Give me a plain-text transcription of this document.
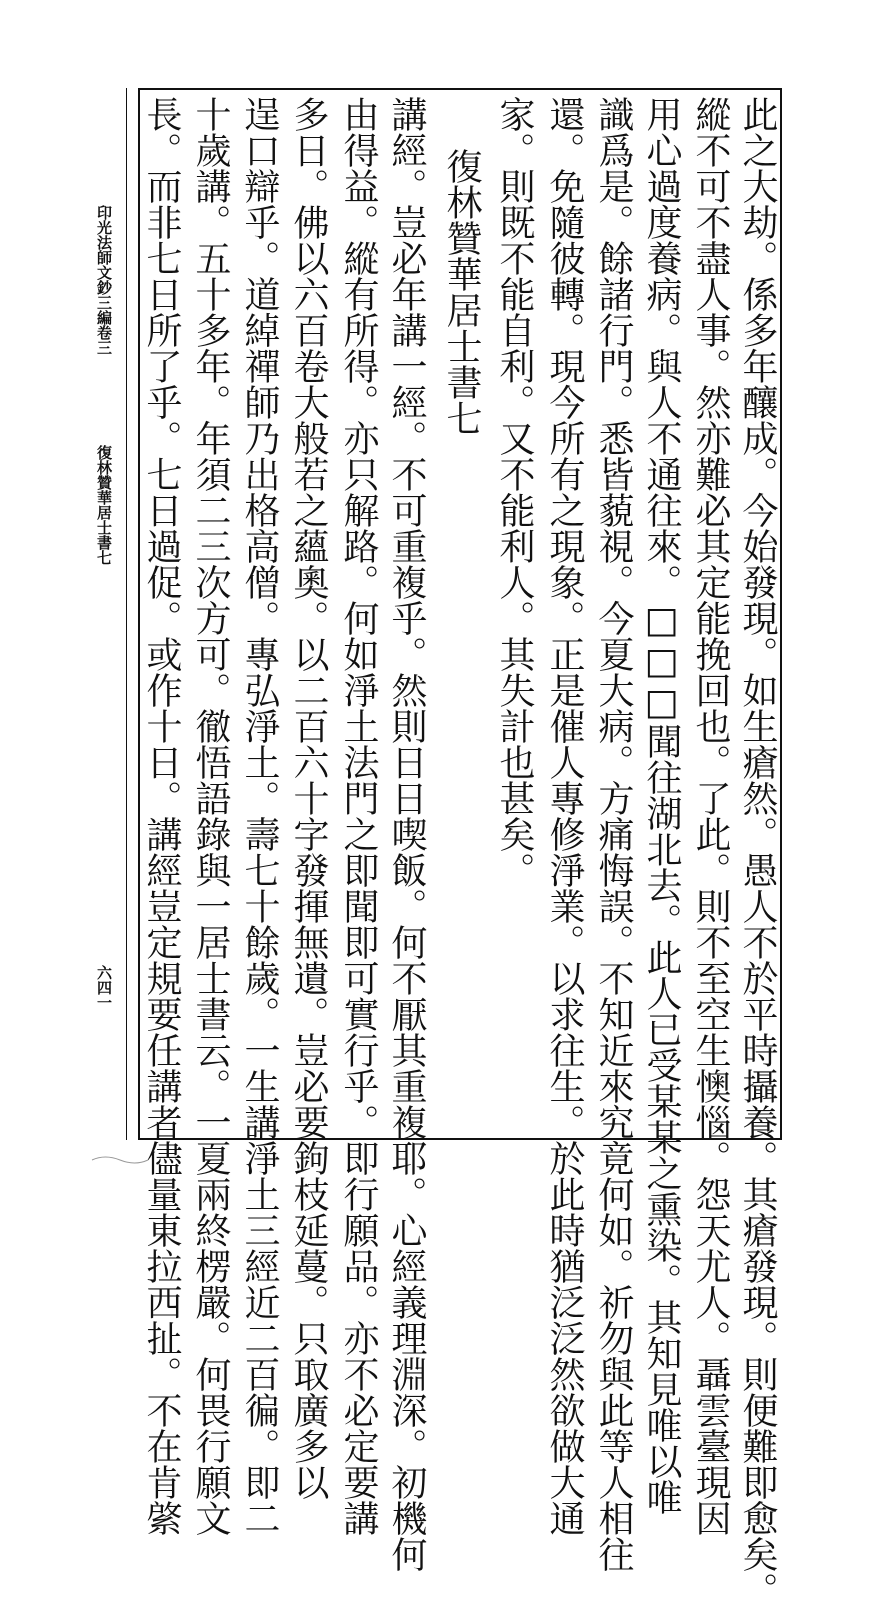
印光法師文鈔三編卷三
復林贊華居士書七
六四一	此之大劫。係多年釀成。今始發現。如生瘡然。愚人不於平時攝養。其瘡發現。則便難即愈矣。
縱不可不盡人事。然亦難必其定能挽回也。了此。則不至空生懊惱。怨天尤人。聶雲臺現因
用心過度養病。與人不通往來。□□□聞往湖北去。此人已受某某之熏染。其知見唯以唯
識爲是。餘諸行門。悉皆藐視。今夏大病。方痛悔誤。不知近來究竟何如。祈勿與此等人相往
還。免隨彼轉。現今所有之現象。正是催人專修淨業。以求往生。於此時猶泛泛然欲做大通
家。則既不能自利。又不能利人。其失計也甚矣。
復林贊華居士書七
講經。豈必年講一經。不可重複乎。然則日日喫飯。何不厭其重複耶。心經義理淵深。初機何
由得益。縱有所得。亦只解路。何如淨土法門之即聞即可實行乎。即行願品。亦不必定要講
多日。佛以六百卷大般若之蘊奧。以二百六十字發揮無遺。豈必要鉤枝延蔓。只取廣多以
逞口辯乎。道綽禪師乃出格高僧。專弘淨土。壽七十餘歲。一生講淨土三經近二百徧。即二
十歲講。五十多年。年須二三次方可。徹悟語錄與一居士書云。一夏兩終楞嚴。何畏行願文
長。而非七日所了乎。七日過促。或作十日。講經豈定規要任講者儘量東拉西扯。不在肯綮
